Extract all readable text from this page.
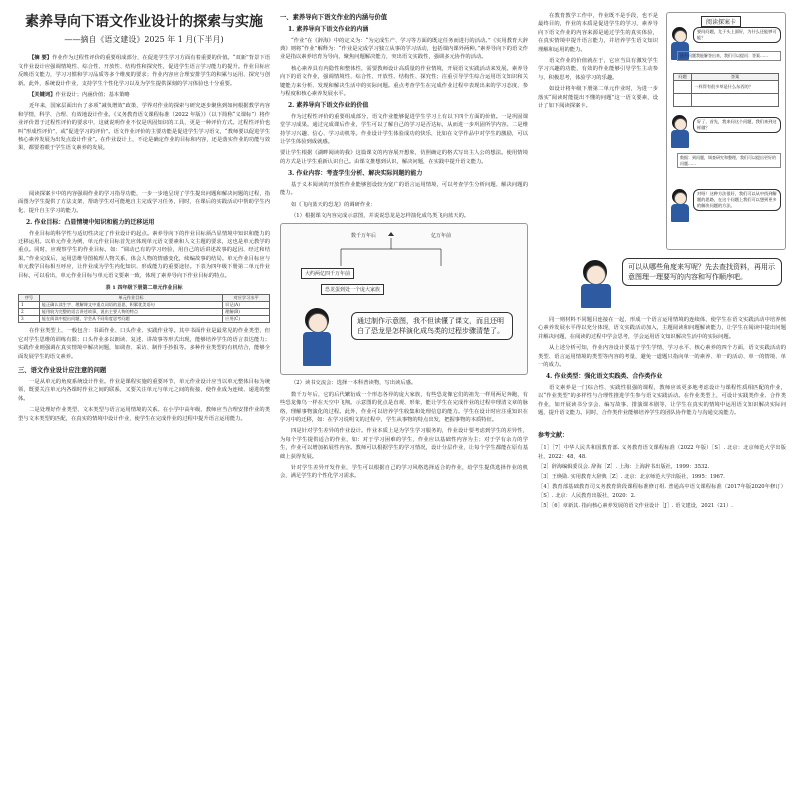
素养导向下语文作业设计的探索与实施

——摘自《语文建设》2025 年 1 月(下半月)

【摘 要】作业作为过程性评价的重要组成部分，在促进学生学习方面有着重要的价值。“双新”背景下语文作业设计应强调情境性、综合性、开放性、结构性和探究性，促进学生语言学习能力的提升。作业目标应反映语文能力，学习习惯和学习品质等多个维度的要求；作业内容应合理安排学生的积累与运用、探究与创新。此外，系统设计作业，支持学生个性化学习以及为学生提供深刻的学习体验也十分重要。

【关键词】作业设计；内涵价值；基本策略

近年来，国家层面出台了多项“减负增效”政策，学界对作业的探索与研究逐步聚焦到如何根据教学内容和学情，科学、合理、有效地设计作业。《义务教育语文课程标准（2022 年版）》（以下简称“义课标”）将作业评价置于过程性评价的要求中，这就说明作业不仅是巩固知识的工具，更是一种评价方式。过程性评价也叫“形成性评价”，或“促进学习的评价”。语文作业评价的主要功能是促进学生学习语文，“教师要以促进学生核心素养发展为出发点设计作业”。在作业设计上，不论是确定作业的目标和内容，还是落实作业的功能与效果，都要着眼于学生语文素养的发展。

阅读探案卡中的内容强调作业的学习指导功能，一步一步地呈现了学生提出问题和解决问题的过程，指面图为学生提供了方法支架，帮助学生对可能地自主完成学习任务，同时，在课后的实践活动中帮助学生内化、提升自主学习的能力。

2. 作业目标：凸显情境中知识和能力的迁移运用

作业目标的科学性与适切性决定了作业设计的起点。素养导向下的作业目标须凸显情境中知识和能力的迁移运用。以单元作业为例，单元作业目标首先应体现单元语文要素和人文主题的要求，这也是单元教学的重点。同时，应观察学生的作业目标，如：“调动已有的学习经验，用自己的话讲述故事的起因、经过和结果。”作业完成后，运用思维导图梳理人物关系，体会人物的情感变化，续编故事的结局。单元作业目标应与单元教学目标相互呼应，让作业成为学生内化知识、形成能力的重要途径。下表为四年级下册第二单元作业目标，可以看出，单元作业目标与单元语文要素一致，体现了素养导向下作业目标的特点。

表 1 四年级下册第二单元作业目标

序号	单元作业目标	对应学习水平
1	能正确认读生字、理解课文中重点词语的意思，积累优美语句	识记(A)
2	能用较为完整的语言讲述故事，说出主要人物的特点	理解(B)
3	能在阅读中提出问题，学会从不同角度思考问题	应用(C)

在作业类型上，一般包含：书面作业、口头作业、实践作业等。其中书面作业是最常见的作业类型，但它对学生思维的训练有限；口头作业多以朗读、复述、讲故事等形式出现，能够培养学生的语言表达能力；实践作业则强调在真实情境中解决问题，如调查、采访、制作手抄报等。多种作业类型的有机结合，能够全面发展学生的语文素养。

三、语文作业设计应注意的问题

一是从单元的角度系统设计作业。作业是课程实施的重要环节，单元作业设计应当以单元整体目标为统领，既要关注单元内各课时作业之间的联系，又要关注单元与单元之间的衔接，使作业成为连续、递进的整体。

二是处理好作业类型、文本类型与语言运用情境的关系。在小学中高年级，教师应当合理安排作业的类型与文本类型的匹配，在真实的情境中设计作业，使学生在完成作业的过程中提升语言运用能力。

一、素养导向下语文作业的内涵与价值

1. 素养导向下语文作业的内涵

“作业”在《辞海》中的定义为：“为完成生产、学习等方面的既定任务而进行的活动。”《实用教育大辞典》则将“作业”解释为：“作业是完成学习独立从事的学习活动，包括课内课外两种。”素养导向下的语文作业是指以素养培育为导向，聚焦问题解决能力，突出语文实践性，强调多元协作的活动。

核心素养具有内隐性和整体性，需要教师设计高质量的作业情境，开展语文实践活动来发展。素养导向下的语文作业，强调情境性、综合性、开放性、结构性、探究性；注重引导学生综合运用语文知识和关键能力来分析、发现和解决生活中的实际问题。重点考查学生在完成作业过程中表现出来的学习态度、参与程度和核心素养发展水平。

2. 素养导向下语文作业的价值

作为过程性评价的重要组成部分，语文作业能够促进学生学习上有以下四个方面的价值。一是巩固课堂学习成果。通过完成课后作业，学生可以了解自己的学习是否达标，从而进一步巩固所学内容。二是维持学习兴趣、信心、学习动机等。作业设计学生体验成功的快乐，比如在文学作品中对学生的激励，可以让学生体验到成就感。

要让学生根据《湖畔阅读的我》这篇课文的内容展开想象，仿照确定的格式写出主人公的想法。使用情境的方式是让学生重新认识自己。由课文推想到认识，解决问题，在实践中提升语文能力。

3. 作业内容：考查学生分析、解决实际问题的能力

基于义本阅读的开放性作业能够创设较为宽广的语言运用情境，可以考查学生分析问题、解决问题的能力。

如《飞向蓝天的恐龙》的调研作业：

（1）根据课文内容完成示意图，并说说恐龙是怎样演化成鸟类飞向蓝天的。

数千万年后	亿万年前
大约两亿四千万年前
恐龙蛋到处一个庞大家族
通过制作示意图，我不但读懂了课文，而且还明白了恐龙是怎样演化成鸟类的过程步骤清楚了。

（2）读书交流会：选择一本科普读物，写出读后感。

数千万年后，它的后代繁衍成一个形态各异的庞大家族，有些恐龙像它们的祖先一样用两足奔跑，有些恐龙像鸟一样在天空中飞翔。示意图的优点是直观、形象，能让学生在完成作业的过程中理清文章的脉络，理解事物演化的过程。此外，作业可以培养学生收集和处理信息的能力。学生在设计时应注重知识在学习中的迁移，如：在学习说明文的过程中，学生从事物的特点出发，把握事物的本质特征。

四是针对学生差异的作业设计。作业本质上是为学生学习服务的，作业设计要考虑到学生的差异性，为每个学生提供适合的作业，如：对于学习困难的学生，作业应以基础性内容为主；对于学有余力的学生，作业可以增加拓展性内容。教师可以根据学生的学习情况，设计分层作业，让每个学生都能在原有基础上获得发展。

针对学生差异开发作业，学生可以根据自己的学习风格选择适合的作业，给学生提供选择作业的机会，满足学生的个性化学习需求。

在教育教学工作中，作业既不是手段，也不是最终目的，作业的本质是促进学生的学习，素养导向下语文作业的内容来源是通过学生的真实体验，在真实情境中提升语言能力，并培养学生语文知识理解和运用的能力。

语文作业的价值就在于，它应当具有激发学生学习兴趣的功能，有效的作业能够引导学生主动参与、积极思考，体验学习的乐趣。

如设计将年级下册第二单元作业时，为进一步落实“阅读时能提出不懂的问题”这一语文要素，设计了如下阅读探案卡。

阅读探案卡
要问问题，尤于头上面好，为什么还能够可能？
这个问题我能解答出来，我们可以提问：答案……
问题	答案
	一样得有很多草是什么东西的？

好了，首先，我来问这个问题，我们来到这样做？
数据：到问题，调查研究和整理，我们可以提出更好的问题……
对呀！这种方法很好，我们可以从中找到解题的思路，在这个问题上我们可以想到更多的解决问题的方法。
可以从哪些角度来写呢？先去查找资料，再用示意图理一理要写的内容和写作顺序吧。

同一则材料不同题目连接在一起，形成一个语言运用情境的连续体，使学生在语文实践活动中培养核心素养发展水平得以充分体现，语文实践活动加入，主题阅读和问题解读能力，让学生在阅读中提出问题并解决问题，在阅读的过程中学会思考，学会运用语文知识解决生活中的实际问题。

从上述分析可知，作业内容设计要基于学生学情，学习水平、核心素养的四个方面，语文实践活动的类型、语言运用情境的类型等内容的考量，避免一道题只指向单一的素养、单一的活动、单一的情境、单一的成力。

4. 作业类型：强化语文实践类、合作类作业

语文素养是一门综合性、实践性很强的课程，教师应该更多地考虑设计与课程性质相匹配的作业，以“作业类型”的多样性与合理性推进学生参与语文实践活动。在作业类型上，可设计实践类作业、合作类作业，如开展读书分享会、编写故事、排演课本剧等，让学生在真实的情境中运用语文知识解决实际问题，提升语文能力。同时，合作类作业能够培养学生的团队协作能力与沟通交流能力。

参考文献：

［1］［7］中华人民共和国教育部. 义务教育语文课程标准（2022 年版）［S］. 北京：北京师范大学出版社，2022：48，48.

［2］辞海编辑委员会. 辞海［Z］. 上海：上海辞书出版社，1999：3532.

［3］王焕勋. 实用教育大辞典［Z］. 北京：北京师范大学出版社，1995：1967.

［4］教育部基础教育司义务教育阶段课程标准修订组. 普通高中语文课程标准（2017年版2020年修订）［S］. 北京：人民教育出版社，2020：2.

［5］［6］章新其. 指向核心素养发展的语文作业设计［J］. 语文建设，2021（21）.
